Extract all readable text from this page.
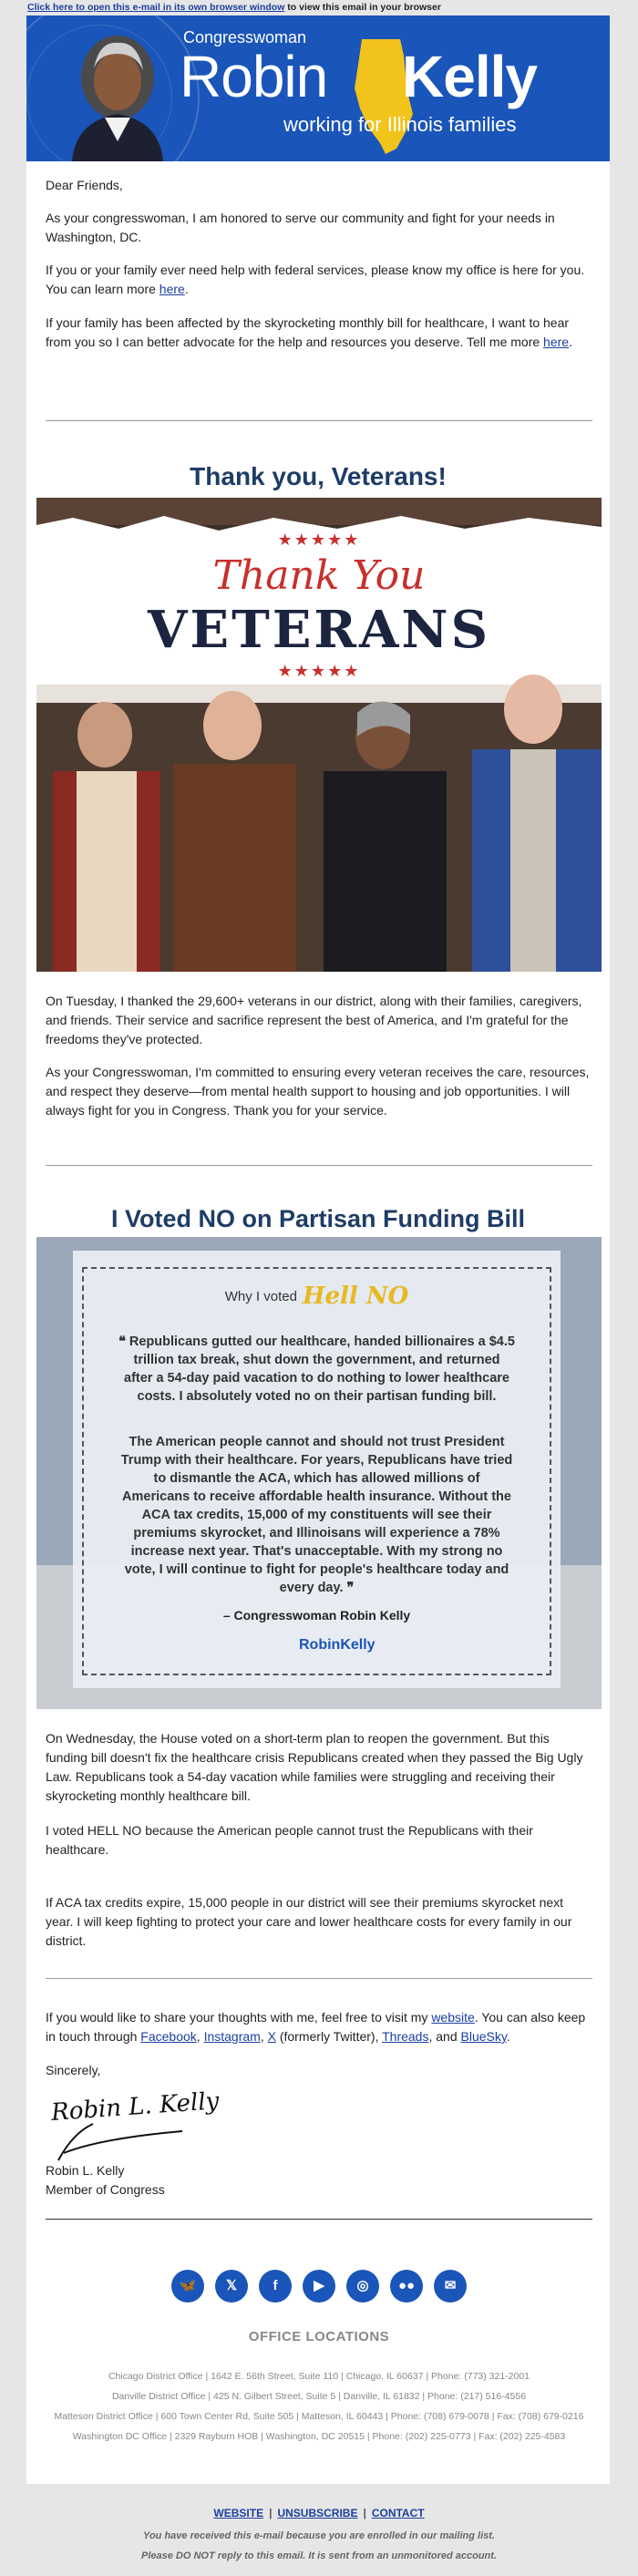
Click here to open this e-mail in its own browser window to view this email in your browser
Congresswoman
Robin Kelly
working for Illinois families
Dear Friends,
As your congresswoman, I am honored to serve our community and fight for your needs in Washington, DC.
If you or your family ever need help with federal services, please know my office is here for you. You can learn more here.
If your family has been affected by the skyrocketing monthly bill for healthcare, I want to hear from you so I can better advocate for the help and resources you deserve. Tell me more here.
Thank you, Veterans!
★★★★★
Thank You
VETERANS
★★★★★
On Tuesday, I thanked the 29,600+ veterans in our district, along with their families, caregivers, and friends. Their service and sacrifice represent the best of America, and I'm grateful for the freedoms they've protected.
As your Congresswoman, I'm committed to ensuring every veteran receives the care, resources, and respect they deserve—from mental health support to housing and job opportunities. I will always fight for you in Congress. Thank you for your service.
I Voted NO on Partisan Funding Bill
Why I voted Hell NO
❝ Republicans gutted our healthcare, handed billionaires a $4.5 trillion tax break, shut down the government, and returned after a 54-day paid vacation to do nothing to lower healthcare costs. I absolutely voted no on their partisan funding bill.
The American people cannot and should not trust President Trump with their healthcare. For years, Republicans have tried to dismantle the ACA, which has allowed millions of Americans to receive affordable health insurance. Without the ACA tax credits, 15,000 of my constituents will see their premiums skyrocket, and Illinoisans will experience a 78% increase next year. That's unacceptable. With my strong no vote, I will continue to fight for people's healthcare today and every day. ❞
– Congresswoman Robin Kelly
RobinKelly
On Wednesday, the House voted on a short-term plan to reopen the government. But this funding bill doesn't fix the healthcare crisis Republicans created when they passed the Big Ugly Law. Republicans took a 54-day vacation while families were struggling and receiving their skyrocketing monthly healthcare bill.
I voted HELL NO because the American people cannot trust the Republicans with their healthcare.
If ACA tax credits expire, 15,000 people in our district will see their premiums skyrocket next year. I will keep fighting to protect your care and lower healthcare costs for every family in our district.
If you would like to share your thoughts with me, feel free to visit my website. You can also keep in touch through Facebook, Instagram, X (formerly Twitter), Threads, and BlueSky.
Sincerely,
Robin L. Kelly
Robin L. Kelly
Member of Congress
🦋 𝕏	f	▶ ◎ ●● ✉
OFFICE LOCATIONS
Chicago District Office | 1642 E. 56th Street, Suite 110 | Chicago, IL 60637 | Phone: (773) 321-2001
Danville District Office | 425 N. Gilbert Street, Suite 5 | Danville, IL 61832 | Phone: (217) 516-4556
Matteson District Office | 600 Town Center Rd, Suite 505 | Matteson, IL 60443 | Phone: (708) 679-0078 | Fax: (708) 679-0216
Washington DC Office | 2329 Rayburn HOB | Washington, DC 20515 | Phone: (202) 225-0773 | Fax: (202) 225-4583
WEBSITE | UNSUBSCRIBE | CONTACT
You have received this e-mail because you are enrolled in our mailing list.
Please DO NOT reply to this email. It is sent from an unmonitored account.
